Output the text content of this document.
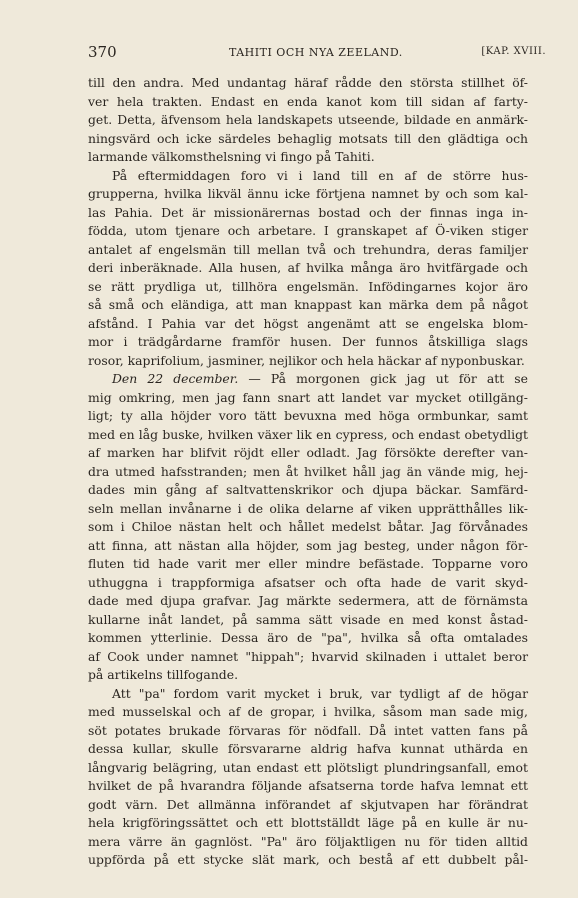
370	TAHITI OCH NYA ZEELAND.	[KAP. XVIII.
till den andra. Med undantag häraf rådde den största stillhet öf-
ver hela trakten. Endast en enda kanot kom till sidan af farty-
get. Detta, äfvensom hela landskapets utseende, bildade en anmärk-
ningsvärd och icke särdeles behaglig motsats till den glädtiga och
larmande välkomsthelsning vi fingo på Tahiti.
På eftermiddagen foro vi i land till en af de större hus-
grupperna, hvilka likväl ännu icke förtjena namnet by och som kal-
las Pahia. Det är missionärernas bostad och der finnas inga in-
födda, utom tjenare och arbetare. I granskapet af Ö-viken stiger
antalet af engelsmän till mellan två och trehundra, deras familjer
deri inberäknade. Alla husen, af hvilka många äro hvitfärgade och
se rätt prydliga ut, tillhöra engelsmän. Infödingarnes kojor äro
så små och eländiga, att man knappast kan märka dem på något
afstånd. I Pahia var det högst angenämt att se engelska blom-
mor i trädgårdarne framför husen. Der funnos åtskilliga slags
rosor, kaprifolium, jasminer, nejlikor och hela häckar af nyponbuskar.
Den 22 december. — På morgonen gick jag ut för att se
mig omkring, men jag fann snart att landet var mycket otillgäng-
ligt; ty alla höjder voro tätt bevuxna med höga ormbunkar, samt
med en låg buske, hvilken växer lik en cypress, och endast obetydligt
af marken har blifvit röjdt eller odladt. Jag försökte derefter van-
dra utmed hafsstranden; men åt hvilket håll jag än vände mig, hej-
dades min gång af saltvattenskrikor och djupa bäckar. Samfärd-
seln mellan invånarne i de olika delarne af viken upprätthålles lik-
som i Chiloe nästan helt och hållet medelst båtar. Jag förvånades
att finna, att nästan alla höjder, som jag besteg, under någon för-
fluten tid hade varit mer eller mindre befästade. Topparne voro
uthuggna i trappformiga afsatser och ofta hade de varit skyd-
dade med djupa grafvar. Jag märkte sedermera, att de förnämsta
kullarne inåt landet, på samma sätt visade en med konst åstad-
kommen ytterlinie. Dessa äro de "pa", hvilka så ofta omtalades
af Cook under namnet "hippah"; hvarvid skilnaden i uttalet beror
på artikelns tillfogande.
Att "pa" fordom varit mycket i bruk, var tydligt af de högar
med musselskal och af de gropar, i hvilka, såsom man sade mig,
söt potates brukade förvaras för nödfall. Då intet vatten fans på
dessa kullar, skulle försvararne aldrig hafva kunnat uthärda en
långvarig belägring, utan endast ett plötsligt plundringsanfall, emot
hvilket de på hvarandra följande afsatserna torde hafva lemnat ett
godt värn. Det allmänna införandet af skjutvapen har förändrat
hela krigföringssättet och ett blottställdt läge på en kulle är nu-
mera värre än gagnlöst. "Pa" äro följaktligen nu för tiden alltid
uppförda på ett stycke slät mark, och bestå af ett dubbelt pål-
